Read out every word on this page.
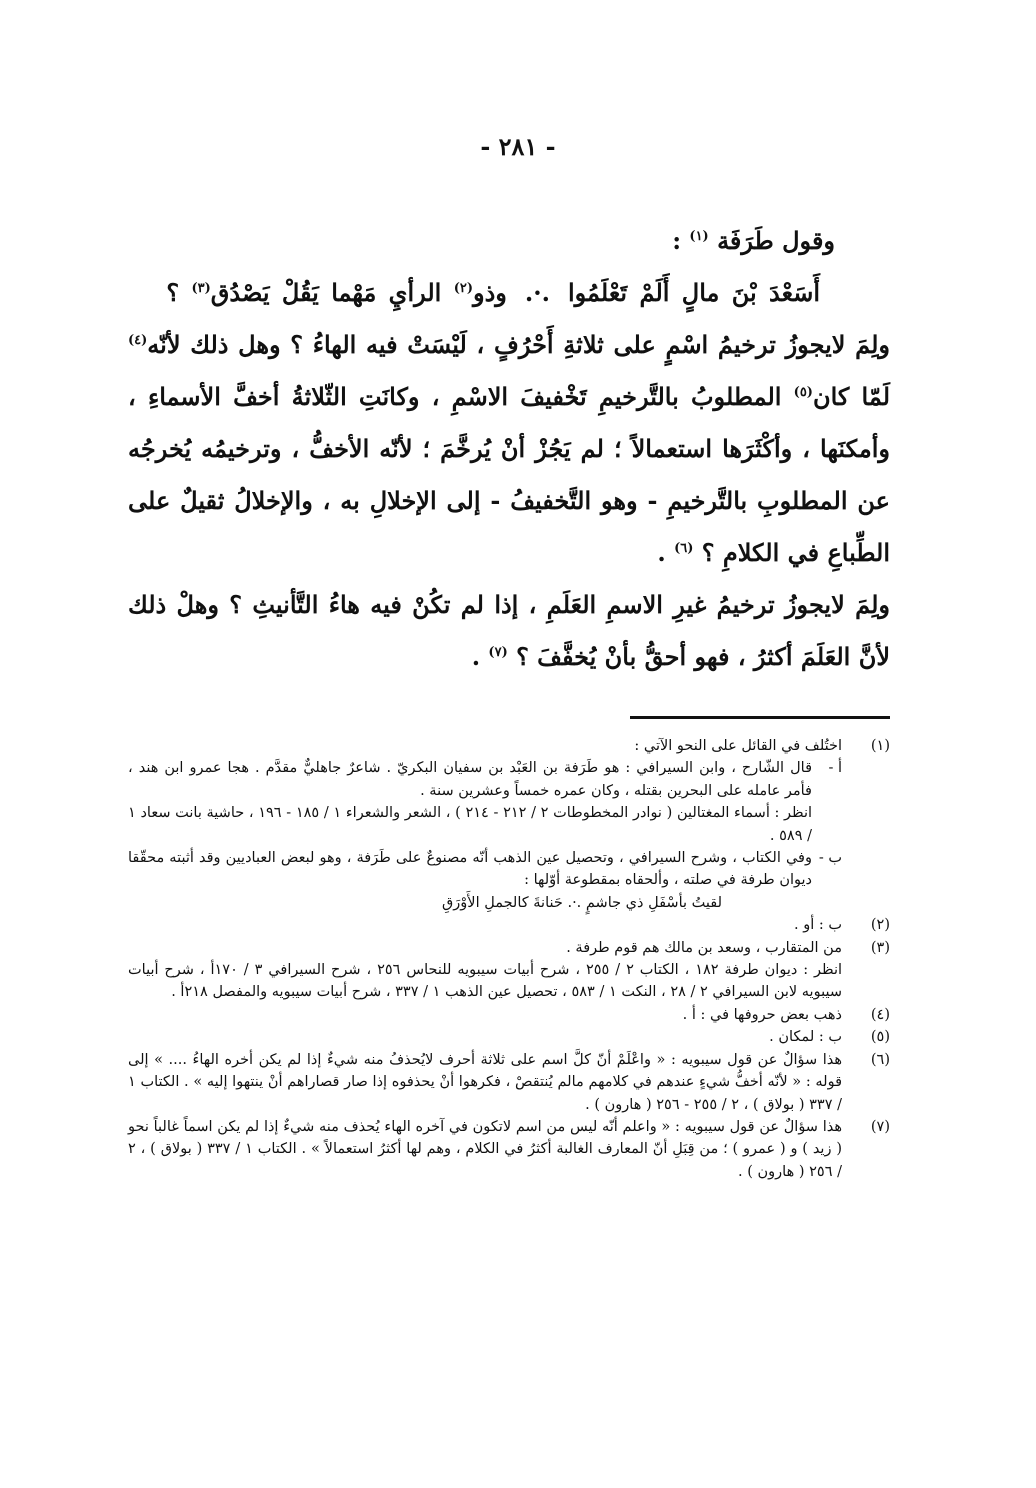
- ٢٨١ -

وقول طَرَفَة $^{(١)}$ :

أَسَعْدَ بْنَ مالٍ أَلَمْ تَعْلَمُوا.·.وذو$^{(٢)}$ الرأيِ مَهْما يَقُلْ يَصْدُق$^{(٣)}$ ؟

ولِمَ لايجوزُ ترخيمُ اسْمٍ على ثلاثةِ أَحْرُفٍ ، لَيْسَتْ فيه الهاءُ ؟ وهل ذلك لأنّه$^{(٤)}$ لَمّا كان$^{(٥)}$ المطلوبُ بالتَّرخيمِ تَخْفيفَ الاسْمِ ، وكانَتِ الثّلاثةُ أخفَّ الأسماءِ ، وأمكنَها ، وأكْثَرَها استعمالاً ؛ لم يَجُزْ أنْ يُرخَّمَ ؛ لأنّه الأخفُّ ، وترخيمُه يُخرجُه عن المطلوبِ بالتَّرخيمِ - وهو التَّخفيفُ - إلى الإخلالِ به ، والإخلالُ ثقيلٌ على الطِّباعِ في الكلامِ ؟ $^{(٦)}$ .

ولِمَ لايجوزُ ترخيمُ غيرِ الاسمِ العَلَمِ ، إذا لم تكُنْ فيه هاءُ التَّأنيثِ ؟ وهلْ ذلك لأنَّ العَلَمَ أكثرُ ، فهو أحقُّ بأنْ يُخفَّفَ ؟ $^{(٧)}$ .

(١)

اختُلف في القائل على النحو الآتي :

أ -

قال الشّارح ، وابن السيرافي : هو طَرَفة بن العَبْد بن سفيان البكريّ . شاعرٌ جاهليٌّ مقدَّم . هجا عمرو ابن هند ، فأمر عامله على البحرين بقتله ، وكان عمره خمساً وعشرين سنة .

انظر : أسماء المغتالين ( نوادر المخطوطات ٢ / ٢١٢ - ٢١٤ ) ، الشعر والشعراء ١ / ١٨٥ - ١٩٦ ، حاشية بانت سعاد ١ / ٥٨٩ .

ب -

وفي الكتاب ، وشرح السيرافي ، وتحصيل عين الذهب أنّه مصنوعٌ على طَرَفة ، وهو لبعض العباديين وقد أثبته محقّقا ديوان طرفة في صلته ، وألحقاه بمقطوعة أوّلها :

لقيتُ بأسْفَلِ ذي جاشمٍ .·. حَنانةَ كالجملِ الأَوْرَقِ

(٢)
ب : أو .
(٣)

من المتقارب ، وسعد بن مالك هم قوم طرفة .

انظر : ديوان طرفة ١٨٢ ، الكتاب ٢ / ٢٥٥ ، شرح أبيات سيبويه للنحاس ٢٥٦ ، شرح السيرافي ٣ / ١٧٠أ ، شرح أبيات سيبويه لابن السيرافي ٢ / ٢٨ ، النكت ١ / ٥٨٣ ، تحصيل عين الذهب ١ / ٣٣٧ ، شرح أبيات سيبويه والمفصل ٢١٨أ .

(٤)
ذهب بعض حروفها في : أ .
(٥)
ب : لمكان .
(٦)
هذا سؤالٌ عن قول سيبويه : « واعْلَمْ أنّ كلَّ اسم على ثلاثة أحرف لايُحذفُ منه شيءٌ إذا لم يكن أخره الهاءُ .... » إلى قوله : « لأنّه أخفُّ شيءٍ عندهم في كلامهم مالم يُنتقصْ ، فكرهوا أنْ يحذفوه إذا صار قصاراهم أنْ ينتهوا إليه » . الكتاب ١ / ٣٣٧ ( بولاق ) ، ٢ / ٢٥٥ - ٢٥٦ ( هارون ) .
(٧)
هذا سؤالٌ عن قول سيبويه : « واعلم أنّه ليس من اسم لاتكون في آخره الهاء يُحذف منه شيءٌ إذا لم يكن اسماً غالباً نحو ( زيد ) و ( عمرو ) ؛ من قِبَلِ أنّ المعارف الغالبة أكثرُ في الكلام ، وهم لها أكثرُ استعمالاً » . الكتاب ١ / ٣٣٧ ( بولاق ) ، ٢ / ٢٥٦ ( هارون ) .
